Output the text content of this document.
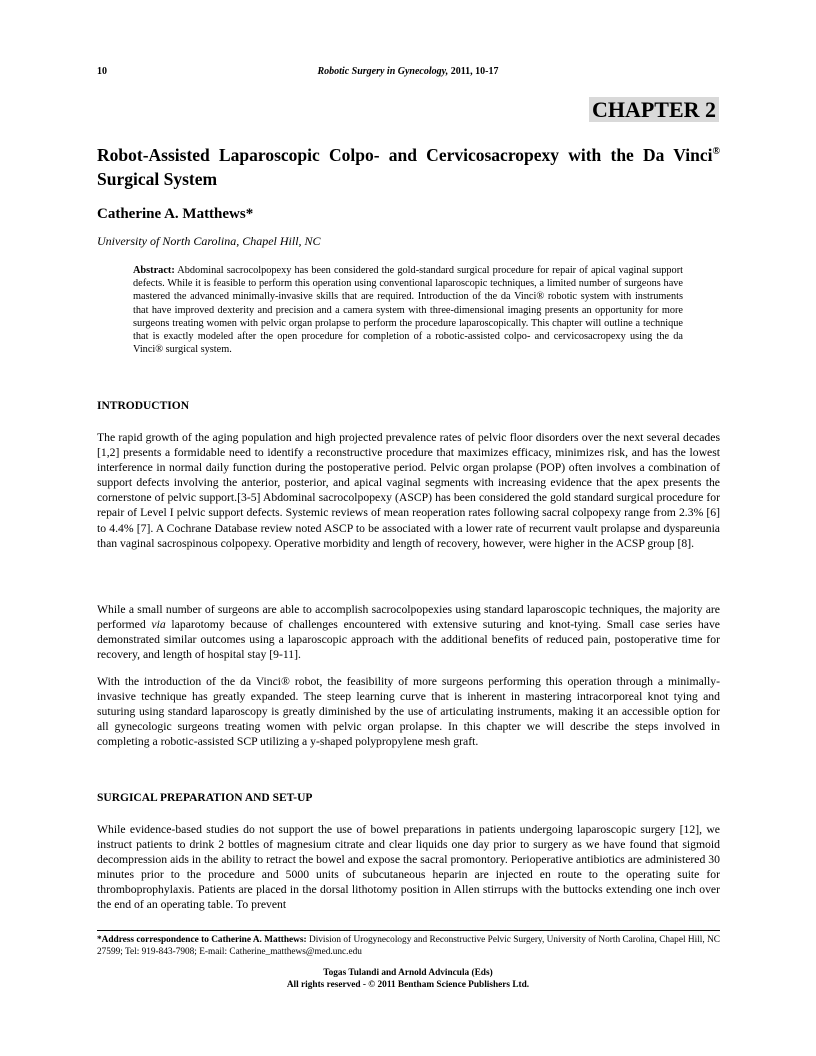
10	Robotic Surgery in Gynecology, 2011, 10-17
CHAPTER 2
Robot-Assisted Laparoscopic Colpo- and Cervicosacropexy with the Da Vinci® Surgical System
Catherine A. Matthews*
University of North Carolina, Chapel Hill, NC
Abstract: Abdominal sacrocolpopexy has been considered the gold-standard surgical procedure for repair of apical vaginal support defects. While it is feasible to perform this operation using conventional laparoscopic techniques, a limited number of surgeons have mastered the advanced minimally-invasive skills that are required. Introduction of the da Vinci® robotic system with instruments that have improved dexterity and precision and a camera system with three-dimensional imaging presents an opportunity for more surgeons treating women with pelvic organ prolapse to perform the procedure laparoscopically. This chapter will outline a technique that is exactly modeled after the open procedure for completion of a robotic-assisted colpo- and cervicosacropexy using the da Vinci® surgical system.
INTRODUCTION
The rapid growth of the aging population and high projected prevalence rates of pelvic floor disorders over the next several decades [1,2] presents a formidable need to identify a reconstructive procedure that maximizes efficacy, minimizes risk, and has the lowest interference in normal daily function during the postoperative period. Pelvic organ prolapse (POP) often involves a combination of support defects involving the anterior, posterior, and apical vaginal segments with increasing evidence that the apex presents the cornerstone of pelvic support.[3-5] Abdominal sacrocolpopexy (ASCP) has been considered the gold standard surgical procedure for repair of Level I pelvic support defects. Systemic reviews of mean reoperation rates following sacral colpopexy range from 2.3% [6] to 4.4% [7]. A Cochrane Database review noted ASCP to be associated with a lower rate of recurrent vault prolapse and dyspareunia than vaginal sacrospinous colpopexy. Operative morbidity and length of recovery, however, were higher in the ACSP group [8].
While a small number of surgeons are able to accomplish sacrocolpopexies using standard laparoscopic techniques, the majority are performed via laparotomy because of challenges encountered with extensive suturing and knot-tying. Small case series have demonstrated similar outcomes using a laparoscopic approach with the additional benefits of reduced pain, postoperative time for recovery, and length of hospital stay [9-11].
With the introduction of the da Vinci® robot, the feasibility of more surgeons performing this operation through a minimally-invasive technique has greatly expanded. The steep learning curve that is inherent in mastering intracorporeal knot tying and suturing using standard laparoscopy is greatly diminished by the use of articulating instruments, making it an accessible option for all gynecologic surgeons treating women with pelvic organ prolapse. In this chapter we will describe the steps involved in completing a robotic-assisted SCP utilizing a y-shaped polypropylene mesh graft.
SURGICAL PREPARATION AND SET-UP
While evidence-based studies do not support the use of bowel preparations in patients undergoing laparoscopic surgery [12], we instruct patients to drink 2 bottles of magnesium citrate and clear liquids one day prior to surgery as we have found that sigmoid decompression aids in the ability to retract the bowel and expose the sacral promontory. Perioperative antibiotics are administered 30 minutes prior to the procedure and 5000 units of subcutaneous heparin are injected en route to the operating suite for thromboprophylaxis. Patients are placed in the dorsal lithotomy position in Allen stirrups with the buttocks extending one inch over the end of an operating table. To prevent
*Address correspondence to Catherine A. Matthews: Division of Urogynecology and Reconstructive Pelvic Surgery, University of North Carolina, Chapel Hill, NC 27599; Tel: 919-843-7908; E-mail: Catherine_matthews@med.unc.edu
Togas Tulandi and Arnold Advincula (Eds)
All rights reserved - © 2011 Bentham Science Publishers Ltd.
